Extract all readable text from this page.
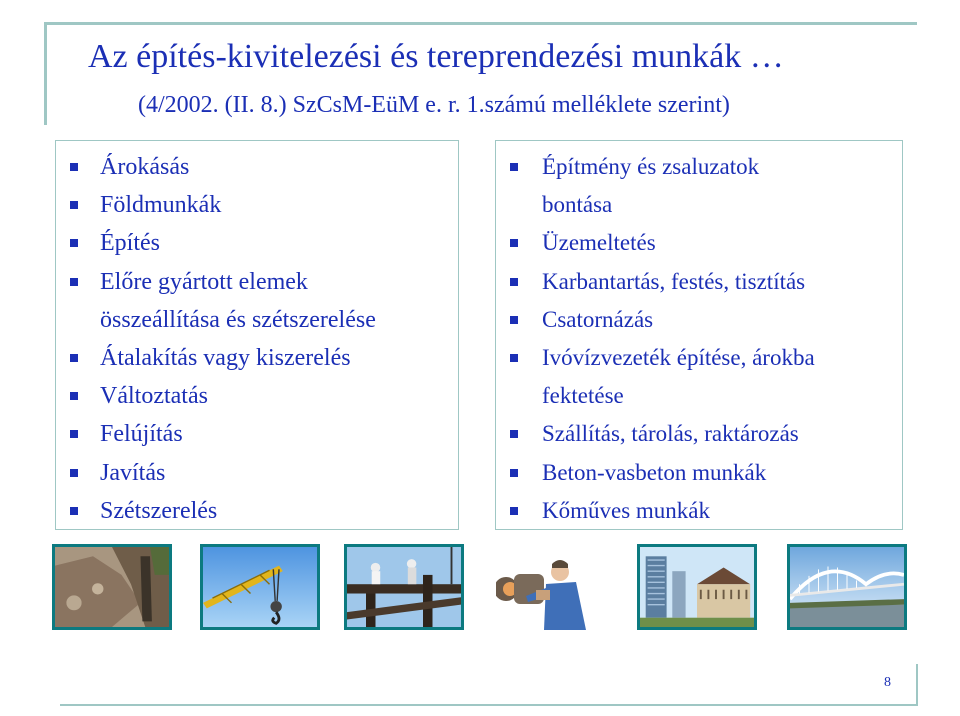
Az építés-kivitelezési és tereprendezési munkák …
(4/2002. (II. 8.) SzCsM-EüM e. r. 1.számú melléklete szerint)
Árokásás
Földmunkák
Építés
Előre gyártott elemek
összeállítása és szétszerelése
Átalakítás vagy kiszerelés
Változtatás
Felújítás
Javítás
Szétszerelés
Építmény és zsaluzatok
bontása
Üzemeltetés
Karbantartás, festés, tisztítás
Csatornázás
Ivóvízvezeték építése, árokba
fektetése
Szállítás, tárolás, raktározás
Beton-vasbeton munkák
Kőműves munkák
8
